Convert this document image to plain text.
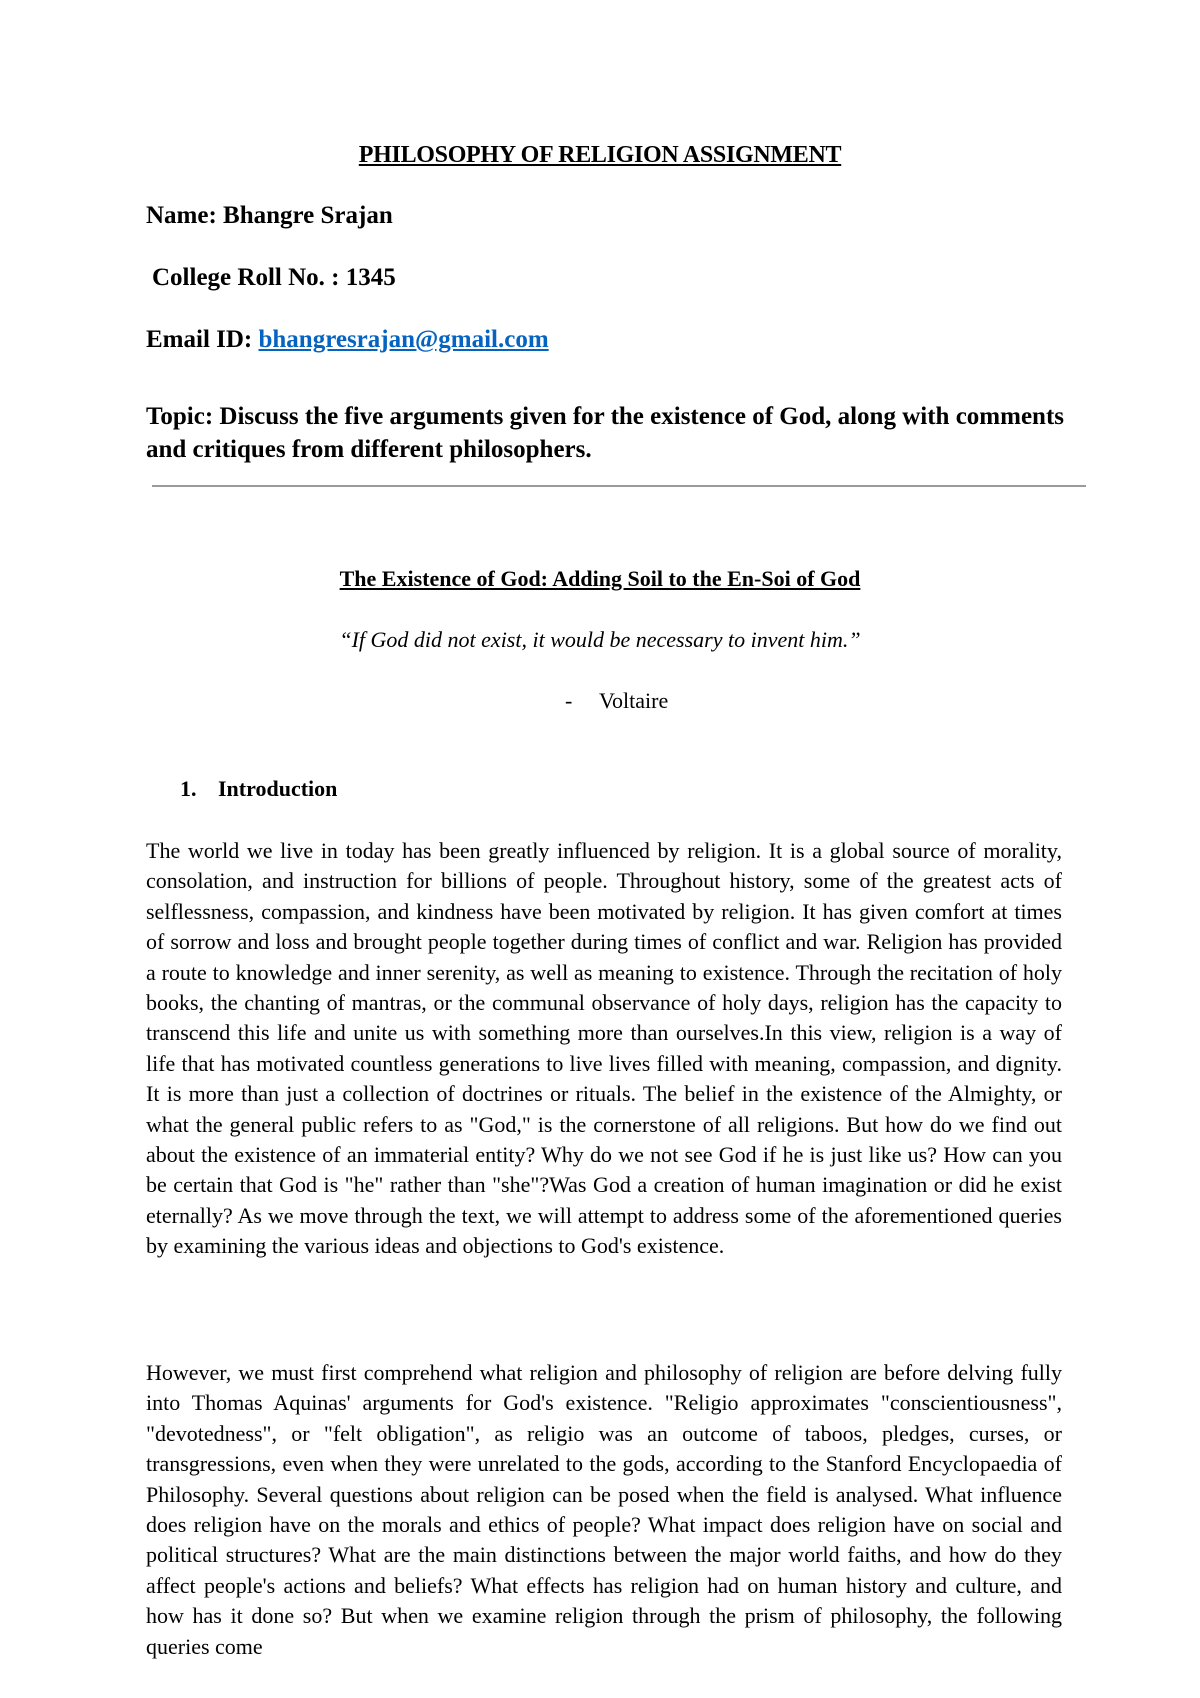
PHILOSOPHY OF RELIGION ASSIGNMENT
Name: Bhangre Srajan
College Roll No. : 1345
Email ID: bhangresrajan@gmail.com
Topic: Discuss the five arguments given for the existence of God, along with comments and critiques from different philosophers.
The Existence of God: Adding Soil to the En-Soi of God
“If God did not exist, it would be necessary to invent him.”
- Voltaire
1. Introduction
The world we live in today has been greatly influenced by religion. It is a global source of morality, consolation, and instruction for billions of people. Throughout history, some of the greatest acts of selflessness, compassion, and kindness have been motivated by religion. It has given comfort at times of sorrow and loss and brought people together during times of conflict and war. Religion has provided a route to knowledge and inner serenity, as well as meaning to existence. Through the recitation of holy books, the chanting of mantras, or the communal observance of holy days, religion has the capacity to transcend this life and unite us with something more than ourselves.In this view, religion is a way of life that has motivated countless generations to live lives filled with meaning, compassion, and dignity. It is more than just a collection of doctrines or rituals. The belief in the existence of the Almighty, or what the general public refers to as "God," is the cornerstone of all religions. But how do we find out about the existence of an immaterial entity? Why do we not see God if he is just like us? How can you be certain that God is "he" rather than "she"?Was God a creation of human imagination or did he exist eternally? As we move through the text, we will attempt to address some of the aforementioned queries by examining the various ideas and objections to God's existence.
However, we must first comprehend what religion and philosophy of religion are before delving fully into Thomas Aquinas' arguments for God's existence. "Religio approximates "conscientiousness", "devotedness", or "felt obligation", as religio was an outcome of taboos, pledges, curses, or transgressions, even when they were unrelated to the gods, according to the Stanford Encyclopaedia of Philosophy. Several questions about religion can be posed when the field is analysed. What influence does religion have on the morals and ethics of people? What impact does religion have on social and political structures? What are the main distinctions between the major world faiths, and how do they affect people's actions and beliefs? What effects has religion had on human history and culture, and how has it done so? But when we examine religion through the prism of philosophy, the following queries come
